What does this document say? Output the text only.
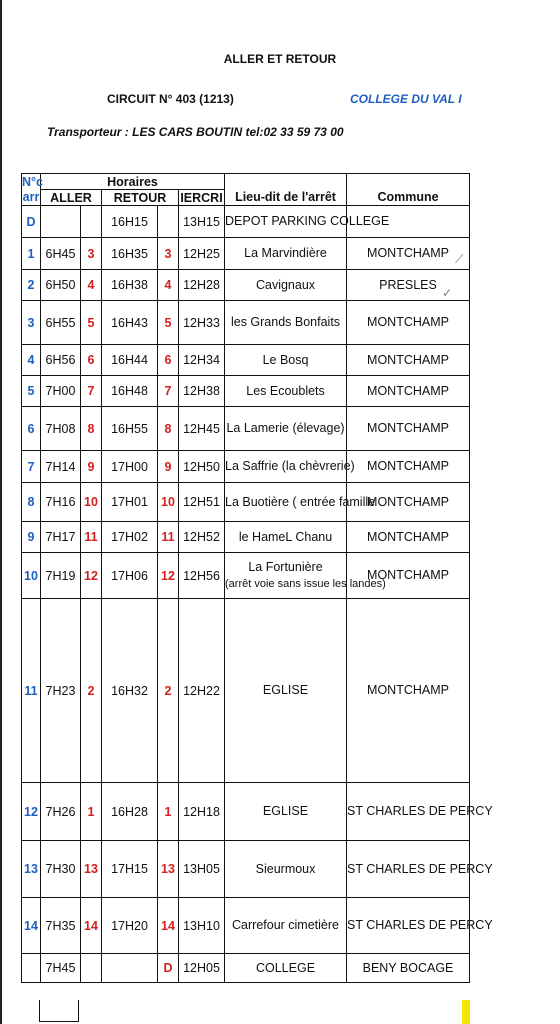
ALLER ET RETOUR
CIRCUIT N° 403 (1213)	COLLEGE DU VAL I
Transporteur : LES CARS BOUTIN tel:02 33 59 73 00
N°c	Horaires						
arr	ALLER		RETOUR		IERCRI	Lieu-dit de l'arrêt	Commune
D			16H15		13H15	DEPOT PARKING COLLEGE	
1	6H45	3	16H35	3	12H25	La Marvindière	MONTCHAMP
2	6H50	4	16H38	4	12H28	Cavignaux	PRESLES
3	6H55	5	16H43	5	12H33	les Grands Bonfaits	MONTCHAMP
4	6H56	6	16H44	6	12H34	Le Bosq	MONTCHAMP
5	7H00	7	16H48	7	12H38	Les Ecoublets	MONTCHAMP
6	7H08	8	16H55	8	12H45	La Lamerie (élevage)	MONTCHAMP
7	7H14	9	17H00	9	12H50	La Saffrie (la chèvrerie)	MONTCHAMP
8	7H16	10	17H01	10	12H51	La Buotière ( entrée famille	MONTCHAMP
9	7H17	11	17H02	11	12H52	le HameL Chanu	MONTCHAMP
10	7H19	12	17H06	12	12H56	La Fortunière
(arrêt voie sans issue les landes)	MONTCHAMP
11	7H23	2	16H32	2	12H22	EGLISE	MONTCHAMP
12	7H26	1	16H28	1	12H18	EGLISE	ST CHARLES DE PERCY
13	7H30	13	17H15	13	13H05	Sieurmoux	ST CHARLES DE PERCY
14	7H35	14	17H20	14	13H10	Carrefour cimetière	ST CHARLES DE PERCY
	7H45			D	12H05	COLLEGE	BENY BOCAGE
⟋
✓
